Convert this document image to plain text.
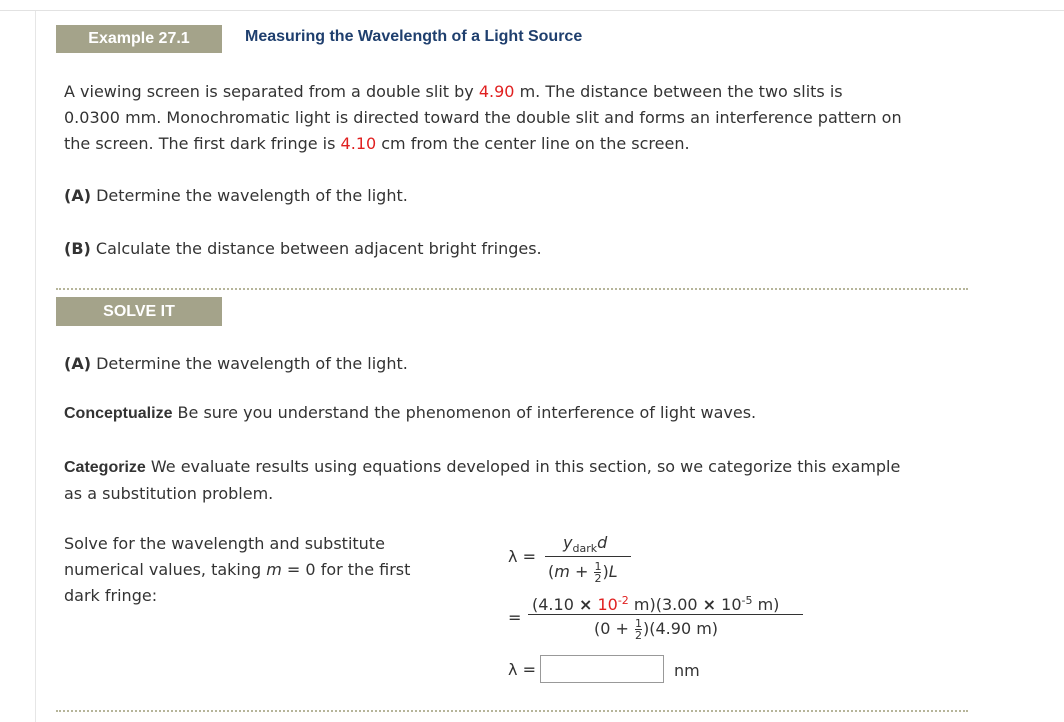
Example 27.1	Measuring the Wavelength of a Light Source
A viewing screen is separated from a double slit by 4.90 m. The distance between the two slits is
0.0300 mm. Monochromatic light is directed toward the double slit and forms an interference pattern on
the screen. The first dark fringe is 4.10 cm from the center line on the screen.
(A) Determine the wavelength of the light.
(B) Calculate the distance between adjacent bright fringes.
SOLVE IT
(A) Determine the wavelength of the light.
Conceptualize Be sure you understand the phenomenon of interference of light waves.
Categorize We evaluate results using equations developed in this section, so we categorize this example
as a substitution problem.
Solve for the wavelength and substitute
numerical values, taking m = 0 for the first
dark fringe:
λ =
$y_{dark}d$
$(m + \frac{1}{2} )L$
=
($4.10 \times 10^{-2}$ $m)(3.00 \times 10^{-5}$ m)
$(0 + \frac{1}{2} )(4.90$ m)
λ =	nm
